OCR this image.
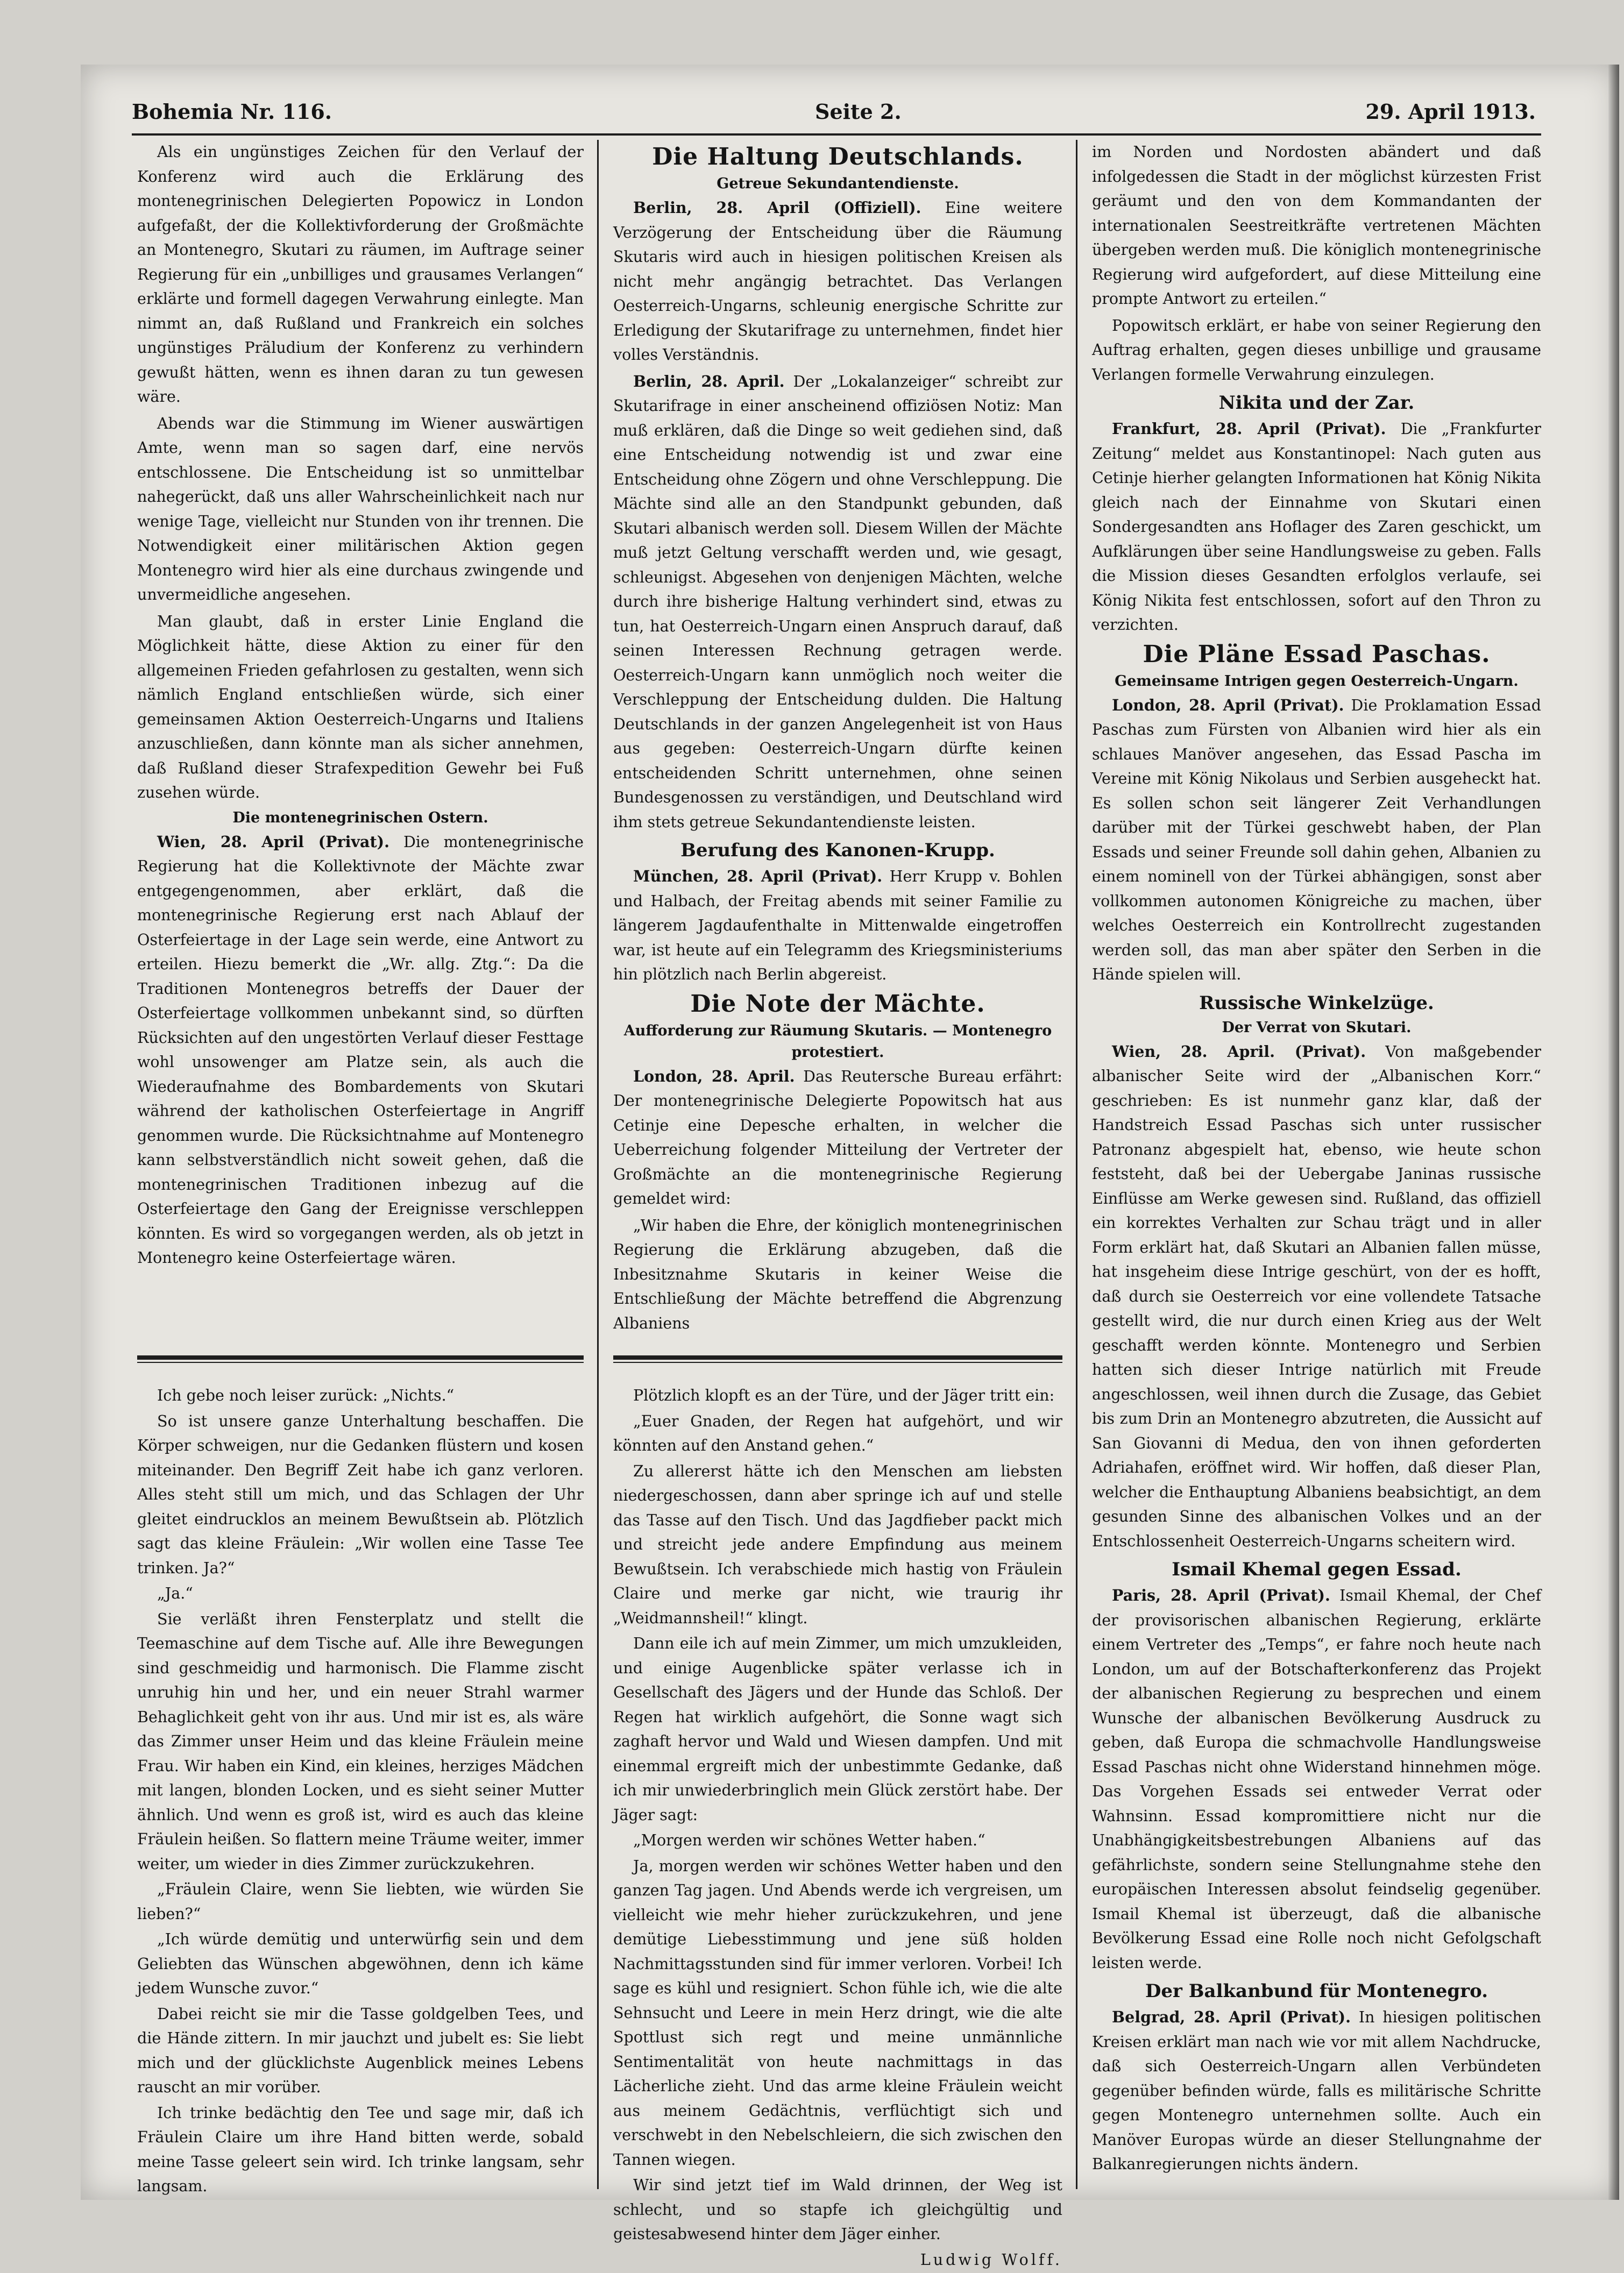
Bohemia Nr. 116.	Seite 2.	29. April 1913.

Als ein ungünstiges Zeichen für den Verlauf der Konferenz wird auch die Erklärung des montenegrinischen Delegierten Popowicz in London aufgefaßt, der die Kollektivforderung der Großmächte an Montenegro, Skutari zu räumen, im Auftrage seiner Regierung für ein „unbilliges und grausames Verlangen“ erklärte und formell dagegen Verwahrung einlegte. Man nimmt an, daß Rußland und Frankreich ein solches ungünstiges Präludium der Konferenz zu verhindern gewußt hätten, wenn es ihnen daran zu tun gewesen wäre.

Abends war die Stimmung im Wiener auswärtigen Amte, wenn man so sagen darf, eine nervös entschlossene. Die Entscheidung ist so unmittelbar nahegerückt, daß uns aller Wahrscheinlichkeit nach nur wenige Tage, vielleicht nur Stunden von ihr trennen. Die Notwendigkeit einer militärischen Aktion gegen Montenegro wird hier als eine durchaus zwingende und unvermeidliche angesehen.

Man glaubt, daß in erster Linie England die Möglichkeit hätte, diese Aktion zu einer für den allgemeinen Frieden gefahrlosen zu gestalten, wenn sich nämlich England entschließen würde, sich einer gemeinsamen Aktion Oesterreich-Ungarns und Italiens anzuschließen, dann könnte man als sicher annehmen, daß Rußland dieser Strafexpedition Gewehr bei Fuß zusehen würde.

Die montenegrinischen Ostern.

Wien, 28. April (Privat). Die montenegrinische Regierung hat die Kollektivnote der Mächte zwar entgegengenommen, aber erklärt, daß die montenegrinische Regierung erst nach Ablauf der Osterfeiertage in der Lage sein werde, eine Antwort zu erteilen. Hiezu bemerkt die „Wr. allg. Ztg.“: Da die Traditionen Montenegros betreffs der Dauer der Osterfeiertage vollkommen unbekannt sind, so dürften Rücksichten auf den ungestörten Verlauf dieser Festtage wohl unsowenger am Platze sein, als auch die Wiederaufnahme des Bombardements von Skutari während der katholischen Osterfeiertage in Angriff genommen wurde. Die Rücksichtnahme auf Montenegro kann selbstverständlich nicht soweit gehen, daß die montenegrinischen Traditionen inbezug auf die Osterfeiertage den Gang der Ereignisse verschleppen könnten. Es wird so vorgegangen werden, als ob jetzt in Montenegro keine Osterfeiertage wären.

Die Haltung Deutschlands.
Getreue Sekundantendienste.

Berlin, 28. April (Offiziell). Eine weitere Verzögerung der Entscheidung über die Räumung Skutaris wird auch in hiesigen politischen Kreisen als nicht mehr angängig betrachtet. Das Verlangen Oesterreich-Ungarns, schleunig energische Schritte zur Erledigung der Skutarifrage zu unternehmen, findet hier volles Verständnis.

Berlin, 28. April. Der „Lokalanzeiger“ schreibt zur Skutarifrage in einer anscheinend offiziösen Notiz: Man muß erklären, daß die Dinge so weit gediehen sind, daß eine Entscheidung notwendig ist und zwar eine Entscheidung ohne Zögern und ohne Verschleppung. Die Mächte sind alle an den Standpunkt gebunden, daß Skutari albanisch werden soll. Diesem Willen der Mächte muß jetzt Geltung verschafft werden und, wie gesagt, schleunigst. Abgesehen von denjenigen Mächten, welche durch ihre bisherige Haltung verhindert sind, etwas zu tun, hat Oesterreich-Ungarn einen Anspruch darauf, daß seinen Interessen Rechnung getragen werde. Oesterreich-Ungarn kann unmöglich noch weiter die Verschleppung der Entscheidung dulden. Die Haltung Deutschlands in der ganzen Angelegenheit ist von Haus aus gegeben: Oesterreich-Ungarn dürfte keinen entscheidenden Schritt unternehmen, ohne seinen Bundesgenossen zu verständigen, und Deutschland wird ihm stets getreue Sekundantendienste leisten.

Berufung des Kanonen-Krupp.

München, 28. April (Privat). Herr Krupp v. Bohlen und Halbach, der Freitag abends mit seiner Familie zu längerem Jagdaufenthalte in Mittenwalde eingetroffen war, ist heute auf ein Telegramm des Kriegsministeriums hin plötzlich nach Berlin abgereist.

Die Note der Mächte.
Aufforderung zur Räumung Skutaris. — Montenegro protestiert.

London, 28. April. Das Reutersche Bureau erfährt: Der montenegrinische Delegierte Popowitsch hat aus Cetinje eine Depesche erhalten, in welcher die Ueberreichung folgender Mitteilung der Vertreter der Großmächte an die montenegrinische Regierung gemeldet wird:

„Wir haben die Ehre, der königlich montenegrinischen Regierung die Erklärung abzugeben, daß die Inbesitznahme Skutaris in keiner Weise die Entschließung der Mächte betreffend die Abgrenzung Albaniens

im Norden und Nordosten abändert und daß infolgedessen die Stadt in der möglichst kürzesten Frist geräumt und den von dem Kommandanten der internationalen Seestreitkräfte vertretenen Mächten übergeben werden muß. Die königlich montenegrinische Regierung wird aufgefordert, auf diese Mitteilung eine prompte Antwort zu erteilen.“

Popowitsch erklärt, er habe von seiner Regierung den Auftrag erhalten, gegen dieses unbillige und grausame Verlangen formelle Verwahrung einzulegen.

Nikita und der Zar.

Frankfurt, 28. April (Privat). Die „Frankfurter Zeitung“ meldet aus Konstantinopel: Nach guten aus Cetinje hierher gelangten Informationen hat König Nikita gleich nach der Einnahme von Skutari einen Sondergesandten ans Hoflager des Zaren geschickt, um Aufklärungen über seine Handlungsweise zu geben. Falls die Mission dieses Gesandten erfolglos verlaufe, sei König Nikita fest entschlossen, sofort auf den Thron zu verzichten.

Die Pläne Essad Paschas.
Gemeinsame Intrigen gegen Oesterreich-Ungarn.

London, 28. April (Privat). Die Proklamation Essad Paschas zum Fürsten von Albanien wird hier als ein schlaues Manöver angesehen, das Essad Pascha im Vereine mit König Nikolaus und Serbien ausgeheckt hat. Es sollen schon seit längerer Zeit Verhandlungen darüber mit der Türkei geschwebt haben, der Plan Essads und seiner Freunde soll dahin gehen, Albanien zu einem nominell von der Türkei abhängigen, sonst aber vollkommen autonomen Königreiche zu machen, über welches Oesterreich ein Kontrollrecht zugestanden werden soll, das man aber später den Serben in die Hände spielen will.

Russische Winkelzüge.
Der Verrat von Skutari.

Wien, 28. April. (Privat). Von maßgebender albanischer Seite wird der „Albanischen Korr.“ geschrieben: Es ist nunmehr ganz klar, daß der Handstreich Essad Paschas sich unter russischer Patronanz abgespielt hat, ebenso, wie heute schon feststeht, daß bei der Uebergabe Janinas russische Einflüsse am Werke gewesen sind. Rußland, das offiziell ein korrektes Verhalten zur Schau trägt und in aller Form erklärt hat, daß Skutari an Albanien fallen müsse, hat insgeheim diese Intrige geschürt, von der es hofft, daß durch sie Oesterreich vor eine vollendete Tatsache gestellt wird, die nur durch einen Krieg aus der Welt geschafft werden könnte. Montenegro und Serbien hatten sich dieser Intrige natürlich mit Freude angeschlossen, weil ihnen durch die Zusage, das Gebiet bis zum Drin an Montenegro abzutreten, die Aussicht auf San Giovanni di Medua, den von ihnen geforderten Adriahafen, eröffnet wird. Wir hoffen, daß dieser Plan, welcher die Enthauptung Albaniens beabsichtigt, an dem gesunden Sinne des albanischen Volkes und an der Entschlossenheit Oesterreich-Ungarns scheitern wird.

Ismail Khemal gegen Essad.

Paris, 28. April (Privat). Ismail Khemal, der Chef der provisorischen albanischen Regierung, erklärte einem Vertreter des „Temps“, er fahre noch heute nach London, um auf der Botschafterkonferenz das Projekt der albanischen Regierung zu besprechen und einem Wunsche der albanischen Bevölkerung Ausdruck zu geben, daß Europa die schmachvolle Handlungsweise Essad Paschas nicht ohne Widerstand hinnehmen möge. Das Vorgehen Essads sei entweder Verrat oder Wahnsinn. Essad kompromittiere nicht nur die Unabhängigkeitsbestrebungen Albaniens auf das gefährlichste, sondern seine Stellungnahme stehe den europäischen Interessen absolut feindselig gegenüber. Ismail Khemal ist überzeugt, daß die albanische Bevölkerung Essad eine Rolle noch nicht Gefolgschaft leisten werde.

Der Balkanbund für Montenegro.

Belgrad, 28. April (Privat). In hiesigen politischen Kreisen erklärt man nach wie vor mit allem Nachdrucke, daß sich Oesterreich-Ungarn allen Verbündeten gegenüber befinden würde, falls es militärische Schritte gegen Montenegro unternehmen sollte. Auch ein Manöver Europas würde an dieser Stellungnahme der Balkanregierungen nichts ändern.

Ich gebe noch leiser zurück: „Nichts.“

So ist unsere ganze Unterhaltung beschaffen. Die Körper schweigen, nur die Gedanken flüstern und kosen miteinander. Den Begriff Zeit habe ich ganz verloren. Alles steht still um mich, und das Schlagen der Uhr gleitet eindrucklos an meinem Bewußtsein ab. Plötzlich sagt das kleine Fräulein: „Wir wollen eine Tasse Tee trinken. Ja?“

„Ja.“

Sie verläßt ihren Fensterplatz und stellt die Teemaschine auf dem Tische auf. Alle ihre Bewegungen sind geschmeidig und harmonisch. Die Flamme zischt unruhig hin und her, und ein neuer Strahl warmer Behaglichkeit geht von ihr aus. Und mir ist es, als wäre das Zimmer unser Heim und das kleine Fräulein meine Frau. Wir haben ein Kind, ein kleines, herziges Mädchen mit langen, blonden Locken, und es sieht seiner Mutter ähnlich. Und wenn es groß ist, wird es auch das kleine Fräulein heißen. So flattern meine Träume weiter, immer weiter, um wieder in dies Zimmer zurückzukehren.

„Fräulein Claire, wenn Sie liebten, wie würden Sie lieben?“

„Ich würde demütig und unterwürfig sein und dem Geliebten das Wünschen abgewöhnen, denn ich käme jedem Wunsche zuvor.“

Dabei reicht sie mir die Tasse goldgelben Tees, und die Hände zittern. In mir jauchzt und jubelt es: Sie liebt mich und der glücklichste Augenblick meines Lebens rauscht an mir vorüber.

Ich trinke bedächtig den Tee und sage mir, daß ich Fräulein Claire um ihre Hand bitten werde, sobald meine Tasse geleert sein wird. Ich trinke langsam, sehr langsam.

Plötzlich klopft es an der Türe, und der Jäger tritt ein:

„Euer Gnaden, der Regen hat aufgehört, und wir könnten auf den Anstand gehen.“

Zu allererst hätte ich den Menschen am liebsten niedergeschossen, dann aber springe ich auf und stelle das Tasse auf den Tisch. Und das Jagdfieber packt mich und streicht jede andere Empfindung aus meinem Bewußtsein. Ich verabschiede mich hastig von Fräulein Claire und merke gar nicht, wie traurig ihr „Weidmannsheil!“ klingt.

Dann eile ich auf mein Zimmer, um mich umzukleiden, und einige Augenblicke später verlasse ich in Gesellschaft des Jägers und der Hunde das Schloß. Der Regen hat wirklich aufgehört, die Sonne wagt sich zaghaft hervor und Wald und Wiesen dampfen. Und mit einemmal ergreift mich der unbestimmte Gedanke, daß ich mir unwiederbringlich mein Glück zerstört habe. Der Jäger sagt:

„Morgen werden wir schönes Wetter haben.“

Ja, morgen werden wir schönes Wetter haben und den ganzen Tag jagen. Und Abends werde ich vergreisen, um vielleicht wie mehr hieher zurückzukehren, und jene demütige Liebesstimmung und jene süß holden Nachmittagsstunden sind für immer verloren. Vorbei! Ich sage es kühl und resigniert. Schon fühle ich, wie die alte Sehnsucht und Leere in mein Herz dringt, wie die alte Spottlust sich regt und meine unmännliche Sentimentalität von heute nachmittags in das Lächerliche zieht. Und das arme kleine Fräulein weicht aus meinem Gedächtnis, verflüchtigt sich und verschwebt in den Nebelschleiern, die sich zwischen den Tannen wiegen.

Wir sind jetzt tief im Wald drinnen, der Weg ist schlecht, und so stapfe ich gleichgültig und geistesabwesend hinter dem Jäger einher.

Ludwig Wolff.
